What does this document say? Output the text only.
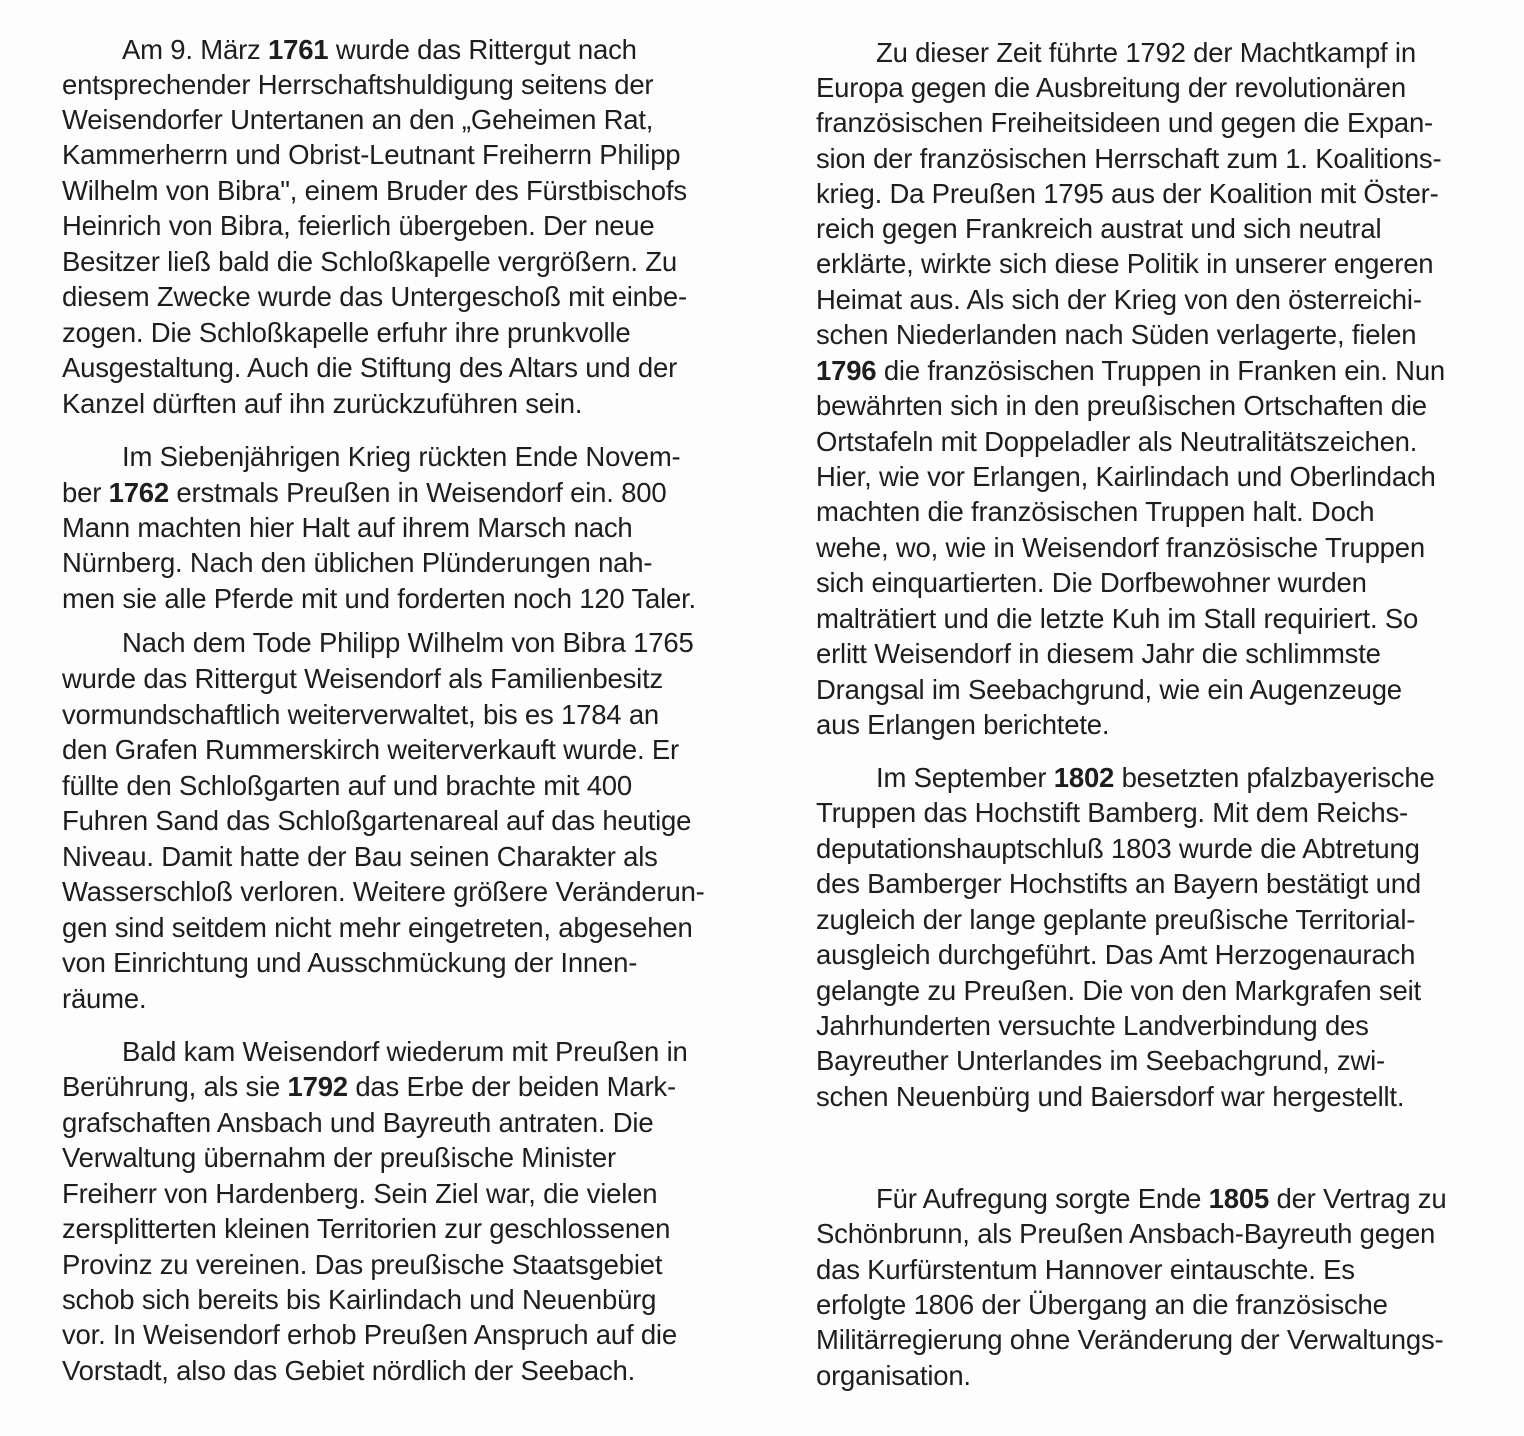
Am 9. März 1761 wurde das Rittergut nach
entsprechender Herrschaftshuldigung seitens der
Weisendorfer Untertanen an den „Geheimen Rat,
Kammerherrn und Obrist-Leutnant Freiherrn Philipp
Wilhelm von Bibra", einem Bruder des Fürstbischofs
Heinrich von Bibra, feierlich übergeben. Der neue
Besitzer ließ bald die Schloßkapelle vergrößern. Zu
diesem Zwecke wurde das Untergeschoß mit einbe-
zogen. Die Schloßkapelle erfuhr ihre prunkvolle
Ausgestaltung. Auch die Stiftung des Altars und der
Kanzel dürften auf ihn zurückzuführen sein.
Im Siebenjährigen Krieg rückten Ende Novem-
ber 1762 erstmals Preußen in Weisendorf ein. 800
Mann machten hier Halt auf ihrem Marsch nach
Nürnberg. Nach den üblichen Plünderungen nah-
men sie alle Pferde mit und forderten noch 120 Taler.
Nach dem Tode Philipp Wilhelm von Bibra 1765
wurde das Rittergut Weisendorf als Familienbesitz
vormundschaftlich weiterverwaltet, bis es 1784 an
den Grafen Rummerskirch weiterverkauft wurde. Er
füllte den Schloßgarten auf und brachte mit 400
Fuhren Sand das Schloßgartenareal auf das heutige
Niveau. Damit hatte der Bau seinen Charakter als
Wasserschloß verloren. Weitere größere Veränderun-
gen sind seitdem nicht mehr eingetreten, abgesehen
von Einrichtung und Ausschmückung der Innen-
räume.
Bald kam Weisendorf wiederum mit Preußen in
Berührung, als sie 1792 das Erbe der beiden Mark-
grafschaften Ansbach und Bayreuth antraten. Die
Verwaltung übernahm der preußische Minister
Freiherr von Hardenberg. Sein Ziel war, die vielen
zersplitterten kleinen Territorien zur geschlossenen
Provinz zu vereinen. Das preußische Staatsgebiet
schob sich bereits bis Kairlindach und Neuenbürg
vor. In Weisendorf erhob Preußen Anspruch auf die
Vorstadt, also das Gebiet nördlich der Seebach.
Zu dieser Zeit führte 1792 der Machtkampf in
Europa gegen die Ausbreitung der revolutionären
französischen Freiheitsideen und gegen die Expan-
sion der französischen Herrschaft zum 1. Koalitions-
krieg. Da Preußen 1795 aus der Koalition mit Öster-
reich gegen Frankreich austrat und sich neutral
erklärte, wirkte sich diese Politik in unserer engeren
Heimat aus. Als sich der Krieg von den österreichi-
schen Niederlanden nach Süden verlagerte, fielen
1796 die französischen Truppen in Franken ein. Nun
bewährten sich in den preußischen Ortschaften die
Ortstafeln mit Doppeladler als Neutralitätszeichen.
Hier, wie vor Erlangen, Kairlindach und Oberlindach
machten die französischen Truppen halt. Doch
wehe, wo, wie in Weisendorf französische Truppen
sich einquartierten. Die Dorfbewohner wurden
malträtiert und die letzte Kuh im Stall requiriert. So
erlitt Weisendorf in diesem Jahr die schlimmste
Drangsal im Seebachgrund, wie ein Augenzeuge
aus Erlangen berichtete.
Im September 1802 besetzten pfalzbayerische
Truppen das Hochstift Bamberg. Mit dem Reichs-
deputationshauptschluß 1803 wurde die Abtretung
des Bamberger Hochstifts an Bayern bestätigt und
zugleich der lange geplante preußische Territorial-
ausgleich durchgeführt. Das Amt Herzogenaurach
gelangte zu Preußen. Die von den Markgrafen seit
Jahrhunderten versuchte Landverbindung des
Bayreuther Unterlandes im Seebachgrund, zwi-
schen Neuenbürg und Baiersdorf war hergestellt.
Für Aufregung sorgte Ende 1805 der Vertrag zu
Schönbrunn, als Preußen Ansbach-Bayreuth gegen
das Kurfürstentum Hannover eintauschte. Es
erfolgte 1806 der Übergang an die französische
Militärregierung ohne Veränderung der Verwaltungs-
organisation.
